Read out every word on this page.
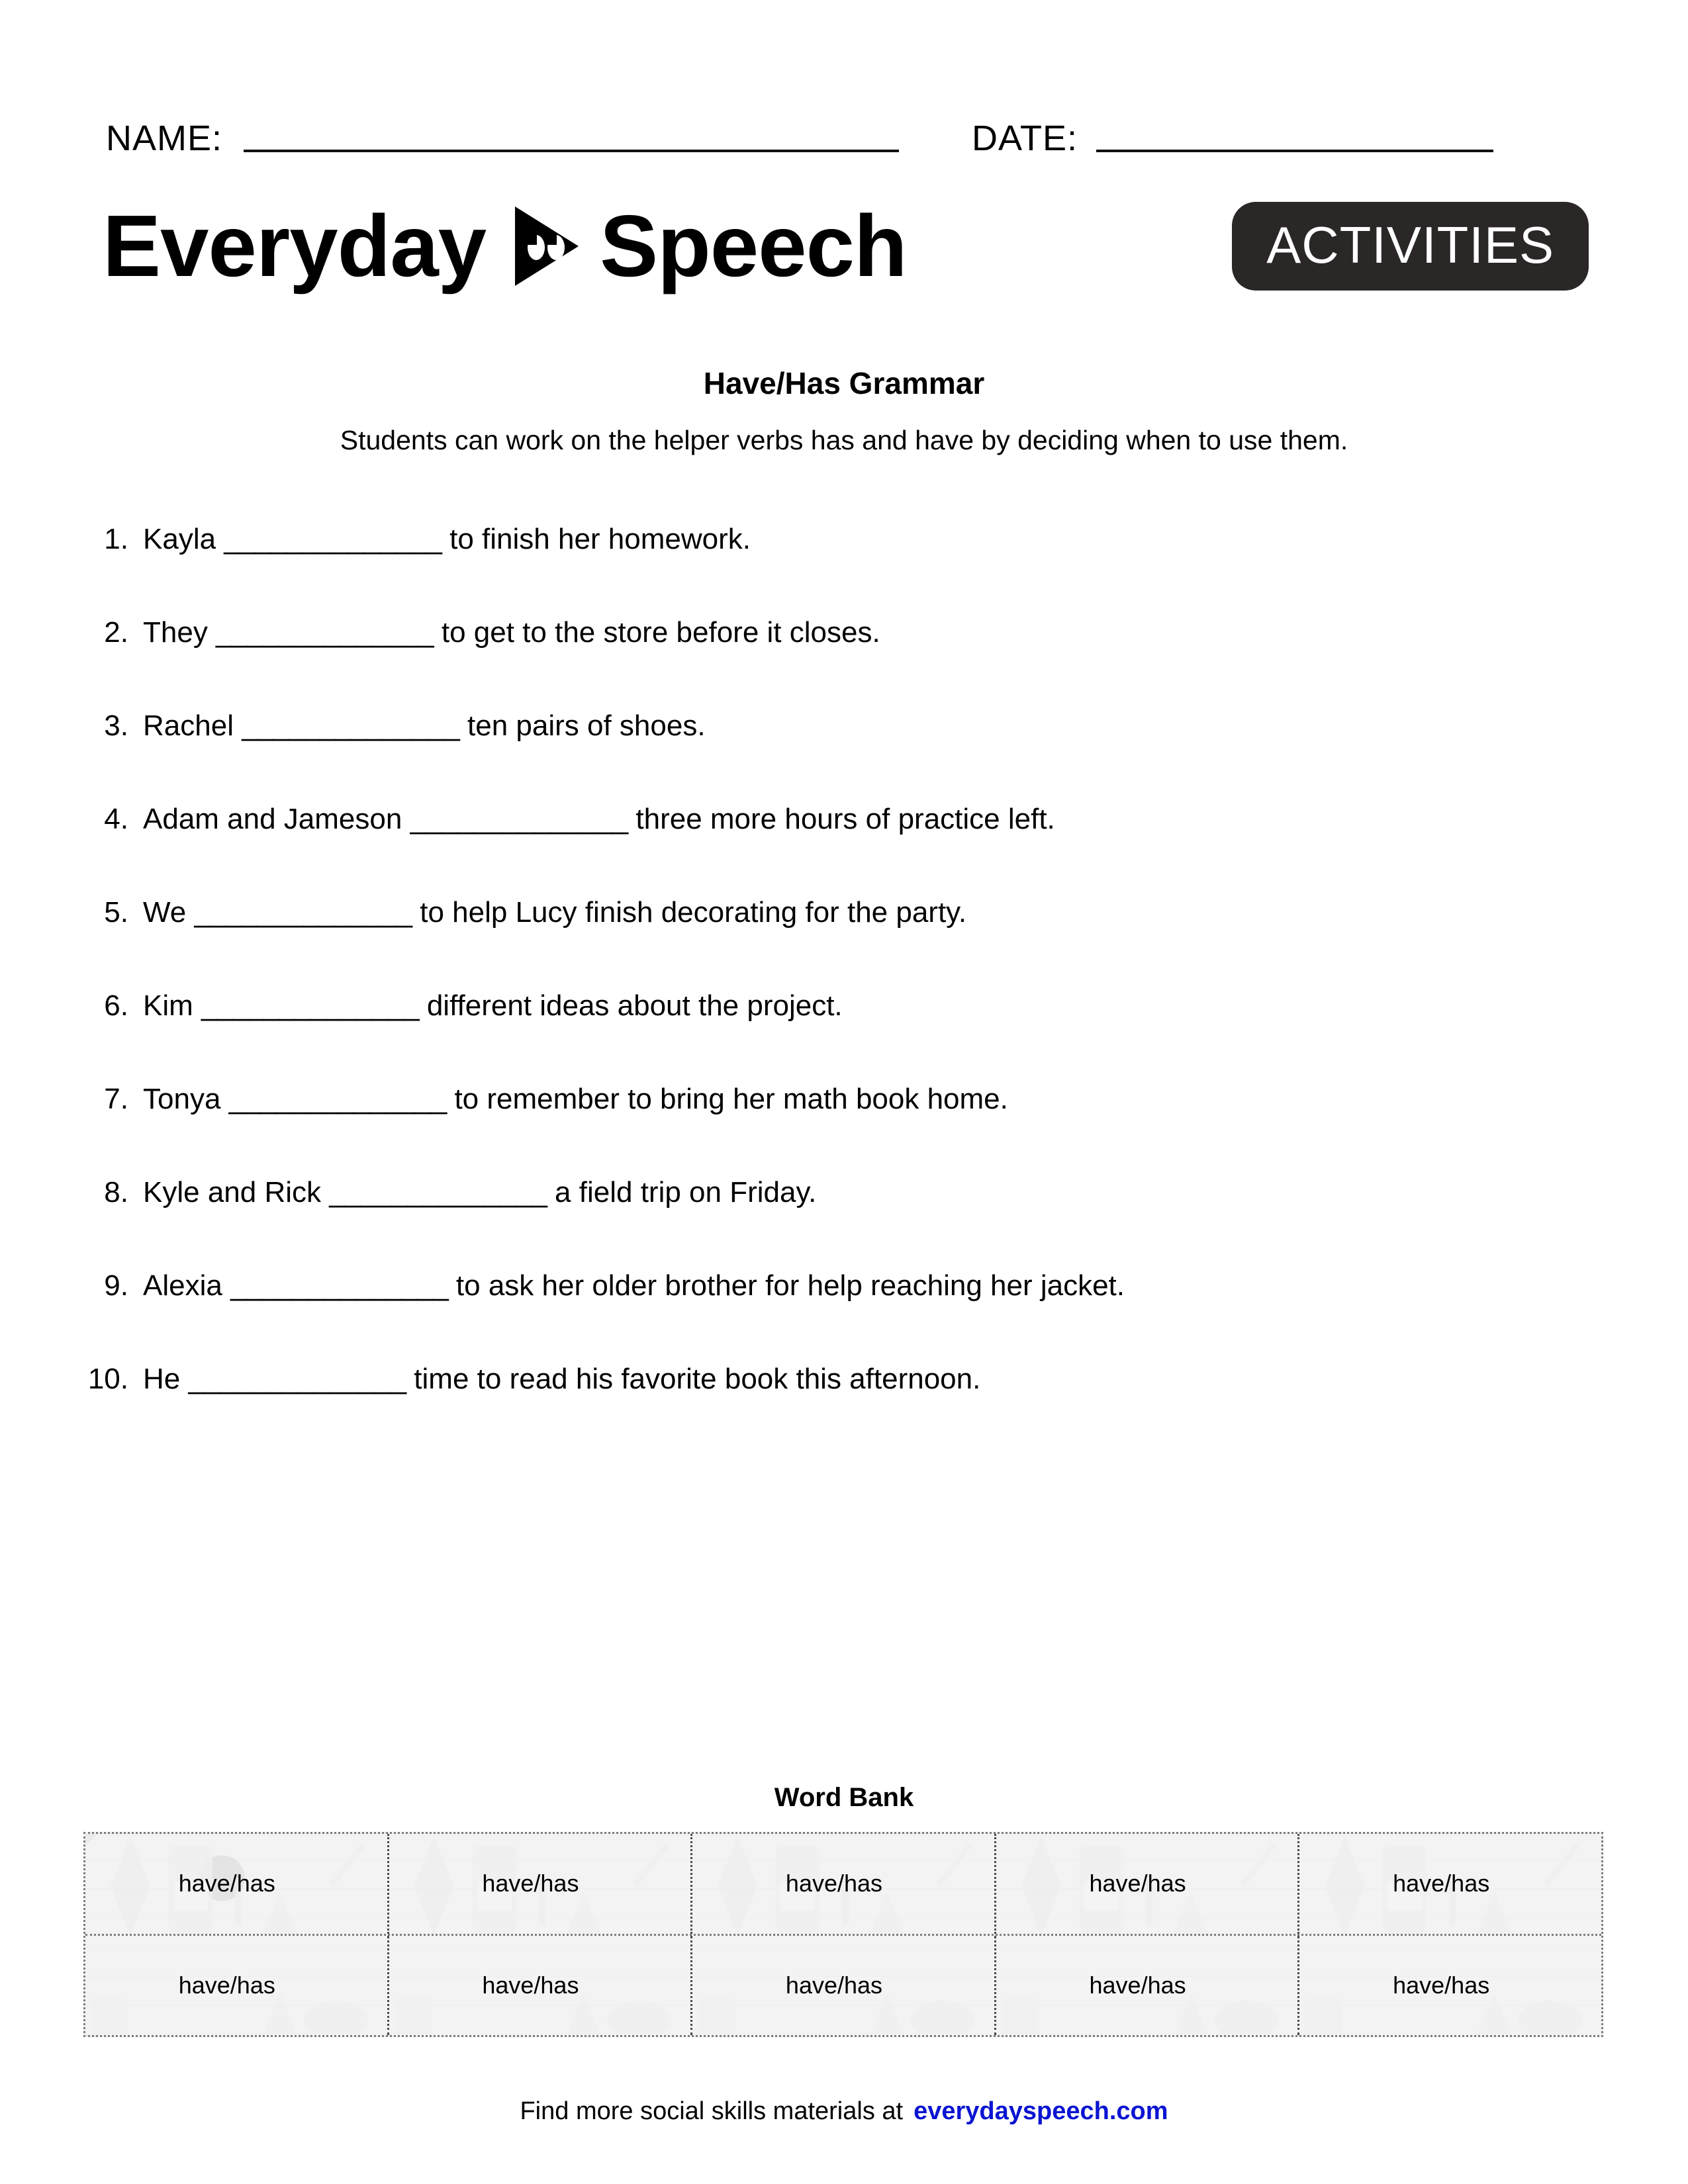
NAME:	DATE:
Everyday Speech	ACTIVITIES
Have/Has Grammar
Students can work on the helper verbs has and have by deciding when to use them.
1. Kayla ______________ to finish her homework.
2. They ______________ to get to the store before it closes.
3. Rachel ______________ ten pairs of shoes.
4. Adam and Jameson ______________ three more hours of practice left.
5. We ______________ to help Lucy finish decorating for the party.
6. Kim ______________ different ideas about the project.
7. Tonya ______________ to remember to bring her math book home.
8. Kyle and Rick ______________ a field trip on Friday.
9. Alexia ______________ to ask her older brother for help reaching her jacket.
10. He ______________ time to read his favorite book this afternoon.
Word Bank
have/has	have/has	have/has	have/has	have/has
have/has	have/has	have/has	have/has	have/has
Find more social skills materials at everydayspeech.com
